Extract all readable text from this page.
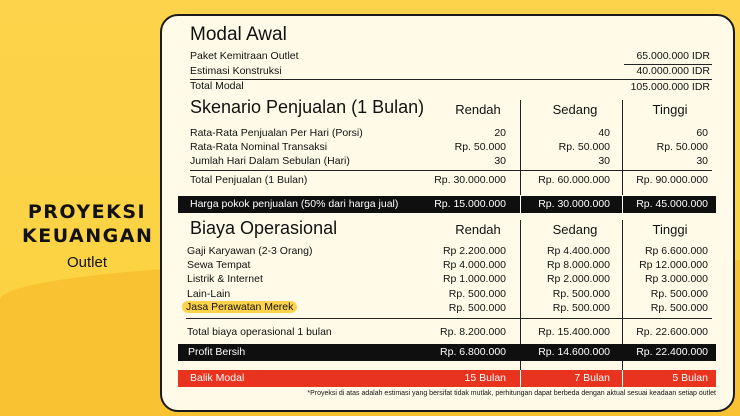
PROYEKSI
KEUANGAN
Outlet
Modal Awal
Paket Kemitraan Outlet	65.000.000 IDR
Estimasi Konstruksi	40.000.000 IDR
Total Modal	105.000.000 IDR
Skenario Penjualan (1 Bulan)	Rendah	Sedang	Tinggi
Rata-Rata Penjualan Per Hari (Porsi)	20	40	60
Rata-Rata Nominal Transaksi	Rp. 50.000	Rp. 50.000	Rp. 50.000
Jumlah Hari Dalam Sebulan (Hari)	30	30	30
Total Penjualan (1 Bulan)	Rp. 30.000.000	Rp. 60.000.000	Rp. 90.000.000
Harga pokok penjualan (50% dari harga jual)	Rp. 15.000.000	Rp. 30.000.000	Rp. 45.000.000
Biaya Operasional	Rendah	Sedang	Tinggi
Gaji Karyawan (2-3 Orang)	Rp 2.200.000	Rp 4.400.000	Rp 6.600.000
Sewa Tempat	Rp 4.000.000	Rp 8.000.000	Rp 12.000.000
Listrik & Internet	Rp 1.000.000	Rp 2.000.000	Rp 3.000.000
Lain-Lain	Rp. 500.000	Rp. 500.000	Rp. 500.000
Jasa Perawatan Merek	Rp. 500.000	Rp. 500.000	Rp. 500.000
Total biaya operasional 1 bulan	Rp. 8.200.000	Rp. 15.400.000	Rp. 22.600.000
Profit Bersih	Rp. 6.800.000	Rp. 14.600.000	Rp. 22.400.000
Balik Modal	15 Bulan	7 Bulan	5 Bulan
*Proyeksi di atas adalah estimasi yang bersifat tidak mutlak, perhitungan dapat berbeda dengan aktual sesuai keadaan setiap outlet
